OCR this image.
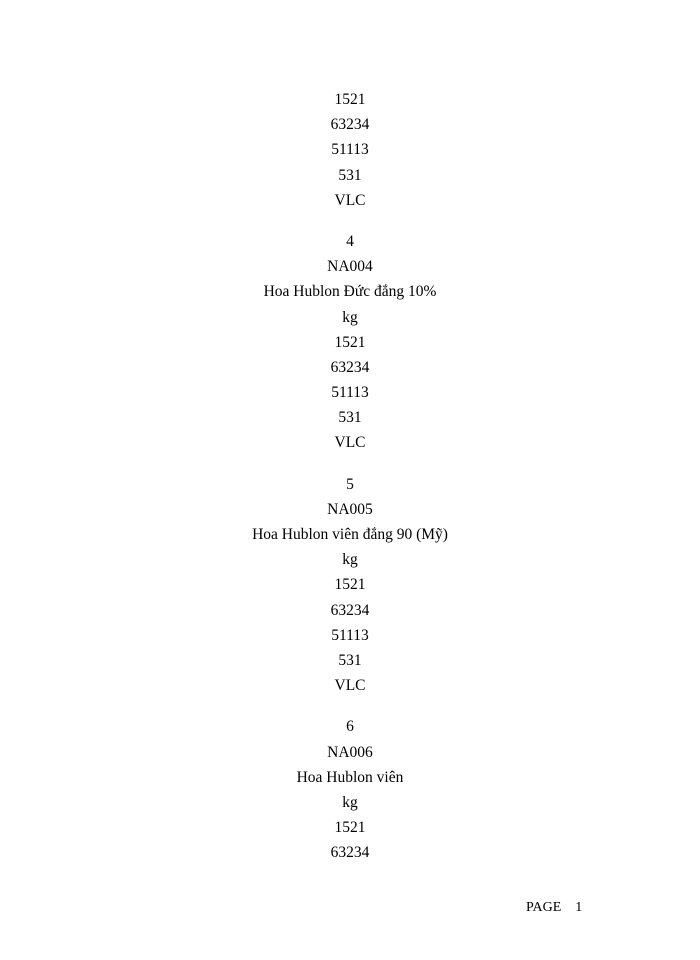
1521
63234
51113
531
VLC
4
NA004
Hoa Hublon Đức đắng 10%
kg
1521
63234
51113
531
VLC
5
NA005
Hoa Hublon viên đắng 90 (Mỹ)
kg
1521
63234
51113
531
VLC
6
NA006
Hoa Hublon viên
kg
1521
63234
PAGE 1
